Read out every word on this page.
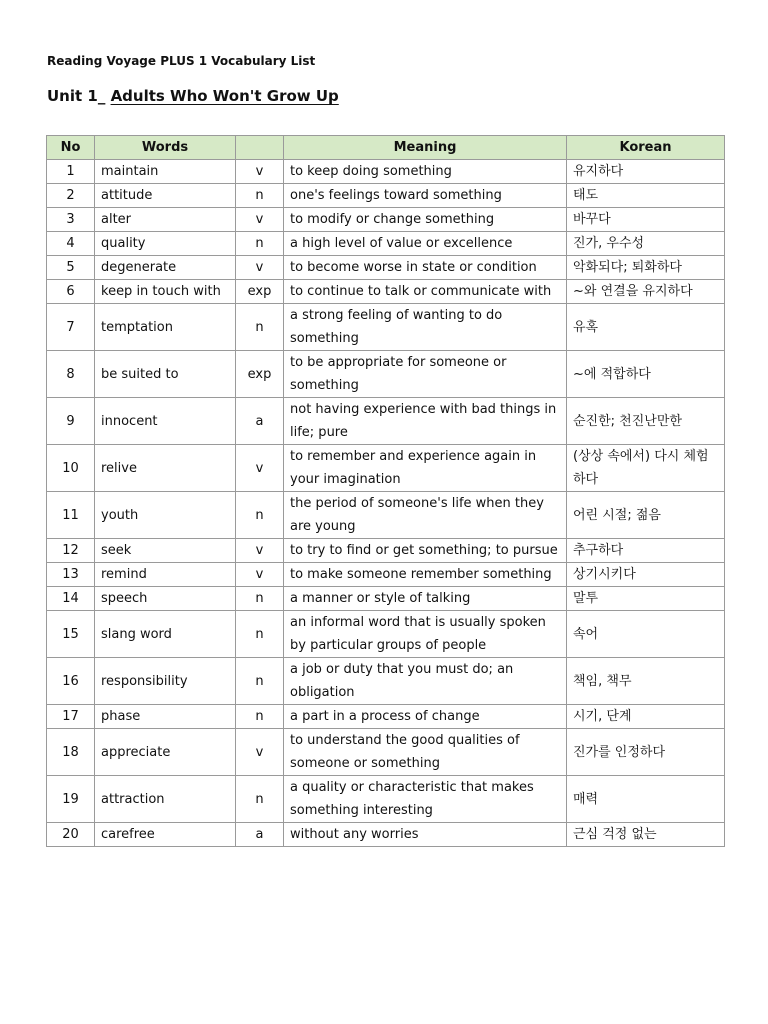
Reading Voyage PLUS 1 Vocabulary List
Unit 1_ Adults Who Won't Grow Up
No	Words		Meaning	Korean
1	maintain	v	to keep doing something	유지하다
2	attitude	n	one's feelings toward something	태도
3	alter	v	to modify or change something	바꾸다
4	quality	n	a high level of value or excellence	진가, 우수성
5	degenerate	v	to become worse in state or condition	악화되다; 퇴화하다
6	keep in touch with	exp	to continue to talk or communicate with	~와 연결을 유지하다
7	temptation	n	a strong feeling of wanting to do something	유혹
8	be suited to	exp	to be appropriate for someone or something	~에 적합하다
9	innocent	a	not having experience with bad things in life; pure	순진한; 천진난만한
10	relive	v	to remember and experience again in your imagination	(상상 속에서) 다시 체험하다
11	youth	n	the period of someone's life when they are young	어린 시절; 젊음
12	seek	v	to try to find or get something; to pursue	추구하다
13	remind	v	to make someone remember something	상기시키다
14	speech	n	a manner or style of talking	말투
15	slang word	n	an informal word that is usually spoken by particular groups of people	속어
16	responsibility	n	a job or duty that you must do; an obligation	책임, 책무
17	phase	n	a part in a process of change	시기, 단계
18	appreciate	v	to understand the good qualities of someone or something	진가를 인정하다
19	attraction	n	a quality or characteristic that makes something interesting	매력
20	carefree	a	without any worries	근심 걱정 없는
